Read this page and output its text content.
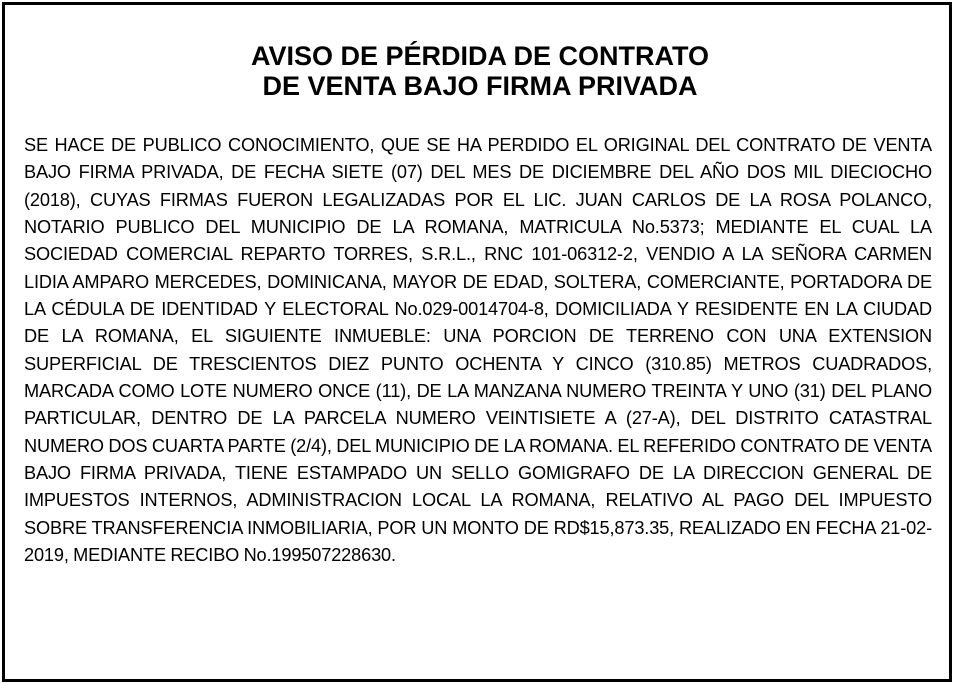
AVISO DE PÉRDIDA DE CONTRATO
DE VENTA BAJO FIRMA PRIVADA

SE HACE DE PUBLICO CONOCIMIENTO, QUE SE HA PERDIDO EL ORIGINAL DEL CONTRATO DE VENTA BAJO FIRMA PRIVADA, DE FECHA SIETE (07) DEL MES DE DICIEMBRE DEL AÑO DOS MIL DIECIOCHO (2018), CUYAS FIRMAS FUERON LEGALIZADAS POR EL LIC. JUAN CARLOS DE LA ROSA POLANCO, NOTARIO PUBLICO DEL MUNICIPIO DE LA ROMANA, MATRICULA No.5373; MEDIANTE EL CUAL LA SOCIEDAD COMERCIAL REPARTO TORRES, S.R.L., RNC 101-06312-2, VENDIO A LA SEÑORA CARMEN LIDIA AMPARO MERCEDES, DOMINICANA, MAYOR DE EDAD, SOLTERA, COMERCIANTE, PORTADORA DE LA CÉDULA DE IDENTIDAD Y ELECTORAL No.029-0014704-8, DOMICILIADA Y RESIDENTE EN LA CIUDAD DE LA ROMANA, EL SIGUIENTE INMUEBLE: UNA PORCION DE TERRENO CON UNA EXTENSION SUPERFICIAL DE TRESCIENTOS DIEZ PUNTO OCHENTA Y CINCO (310.85) METROS CUADRADOS, MARCADA COMO LOTE NUMERO ONCE (11), DE LA MANZANA NUMERO TREINTA Y UNO (31) DEL PLANO PARTICULAR, DENTRO DE LA PARCELA NUMERO VEINTISIETE A (27-A), DEL DISTRITO CATASTRAL NUMERO DOS CUARTA PARTE (2/4), DEL MUNICIPIO DE LA ROMANA. EL REFERIDO CONTRATO DE VENTA BAJO FIRMA PRIVADA, TIENE ESTAMPADO UN SELLO GOMIGRAFO DE LA DIRECCION GENERAL DE IMPUESTOS INTERNOS, ADMINISTRACION LOCAL LA ROMANA, RELATIVO AL PAGO DEL IMPUESTO SOBRE TRANSFERENCIA INMOBILIARIA, POR UN MONTO DE RD$15,873.35, REALIZADO EN FECHA 21-02-2019, MEDIANTE RECIBO No.199507228630.
